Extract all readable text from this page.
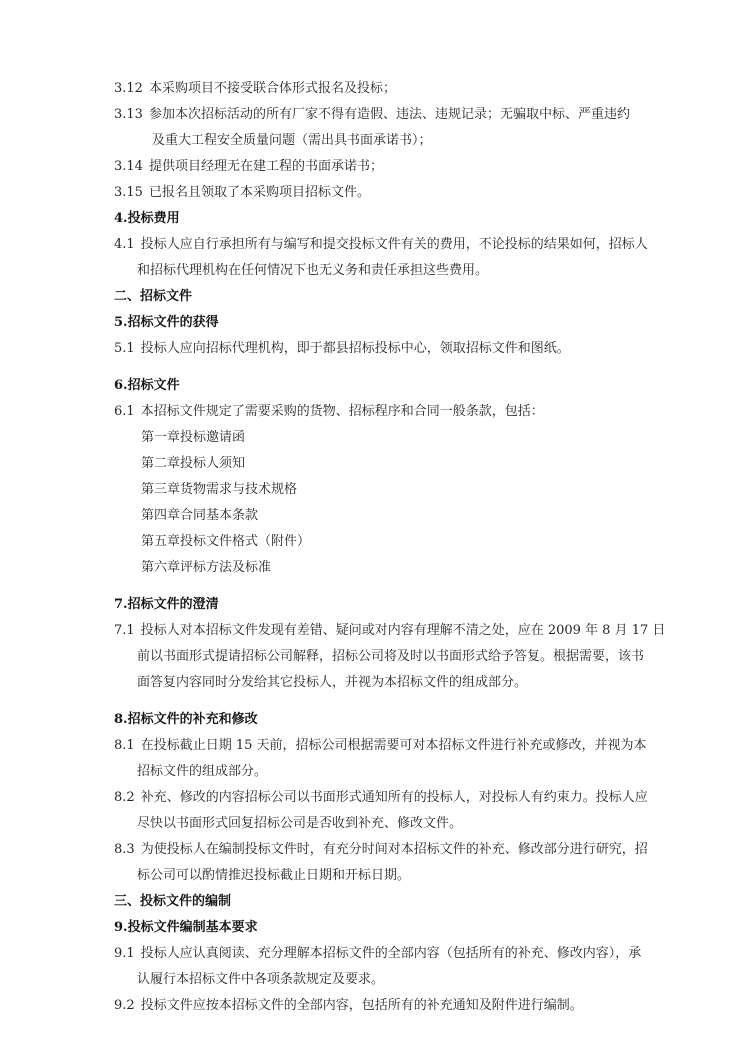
3.12 本采购项目不接受联合体形式报名及投标；
3.13 参加本次招标活动的所有厂家不得有造假、违法、违规记录；无骗取中标、严重违约
及重大工程安全质量问题（需出具书面承诺书）；
3.14 提供项目经理无在建工程的书面承诺书；
3.15 已报名且领取了本采购项目招标文件。
4.投标费用
4.1 投标人应自行承担所有与编写和提交投标文件有关的费用，不论投标的结果如何，招标人
和招标代理机构在任何情况下也无义务和责任承担这些费用。
二、招标文件
5.招标文件的获得
5.1 投标人应向招标代理机构，即于都县招标投标中心，领取招标文件和图纸。
6.招标文件
6.1 本招标文件规定了需要采购的货物、招标程序和合同一般条款，包括：
第一章投标邀请函
第二章投标人须知
第三章货物需求与技术规格
第四章合同基本条款
第五章投标文件格式（附件）
第六章评标方法及标准
7.招标文件的澄清
7.1 投标人对本招标文件发现有差错、疑问或对内容有理解不清之处，应在 2009 年 8 月 17 日
前以书面形式提请招标公司解释，招标公司将及时以书面形式给予答复。根据需要，该书
面答复内容同时分发给其它投标人，并视为本招标文件的组成部分。
8.招标文件的补充和修改
8.1 在投标截止日期 15 天前，招标公司根据需要可对本招标文件进行补充或修改，并视为本
招标文件的组成部分。
8.2 补充、修改的内容招标公司以书面形式通知所有的投标人，对投标人有约束力。投标人应
尽快以书面形式回复招标公司是否收到补充、修改文件。
8.3 为使投标人在编制投标文件时，有充分时间对本招标文件的补充、修改部分进行研究，招
标公司可以酌情推迟投标截止日期和开标日期。
三、投标文件的编制
9.投标文件编制基本要求
9.1 投标人应认真阅读、充分理解本招标文件的全部内容（包括所有的补充、修改内容），承
认履行本招标文件中各项条款规定及要求。
9.2 投标文件应按本招标文件的全部内容，包括所有的补充通知及附件进行编制。
